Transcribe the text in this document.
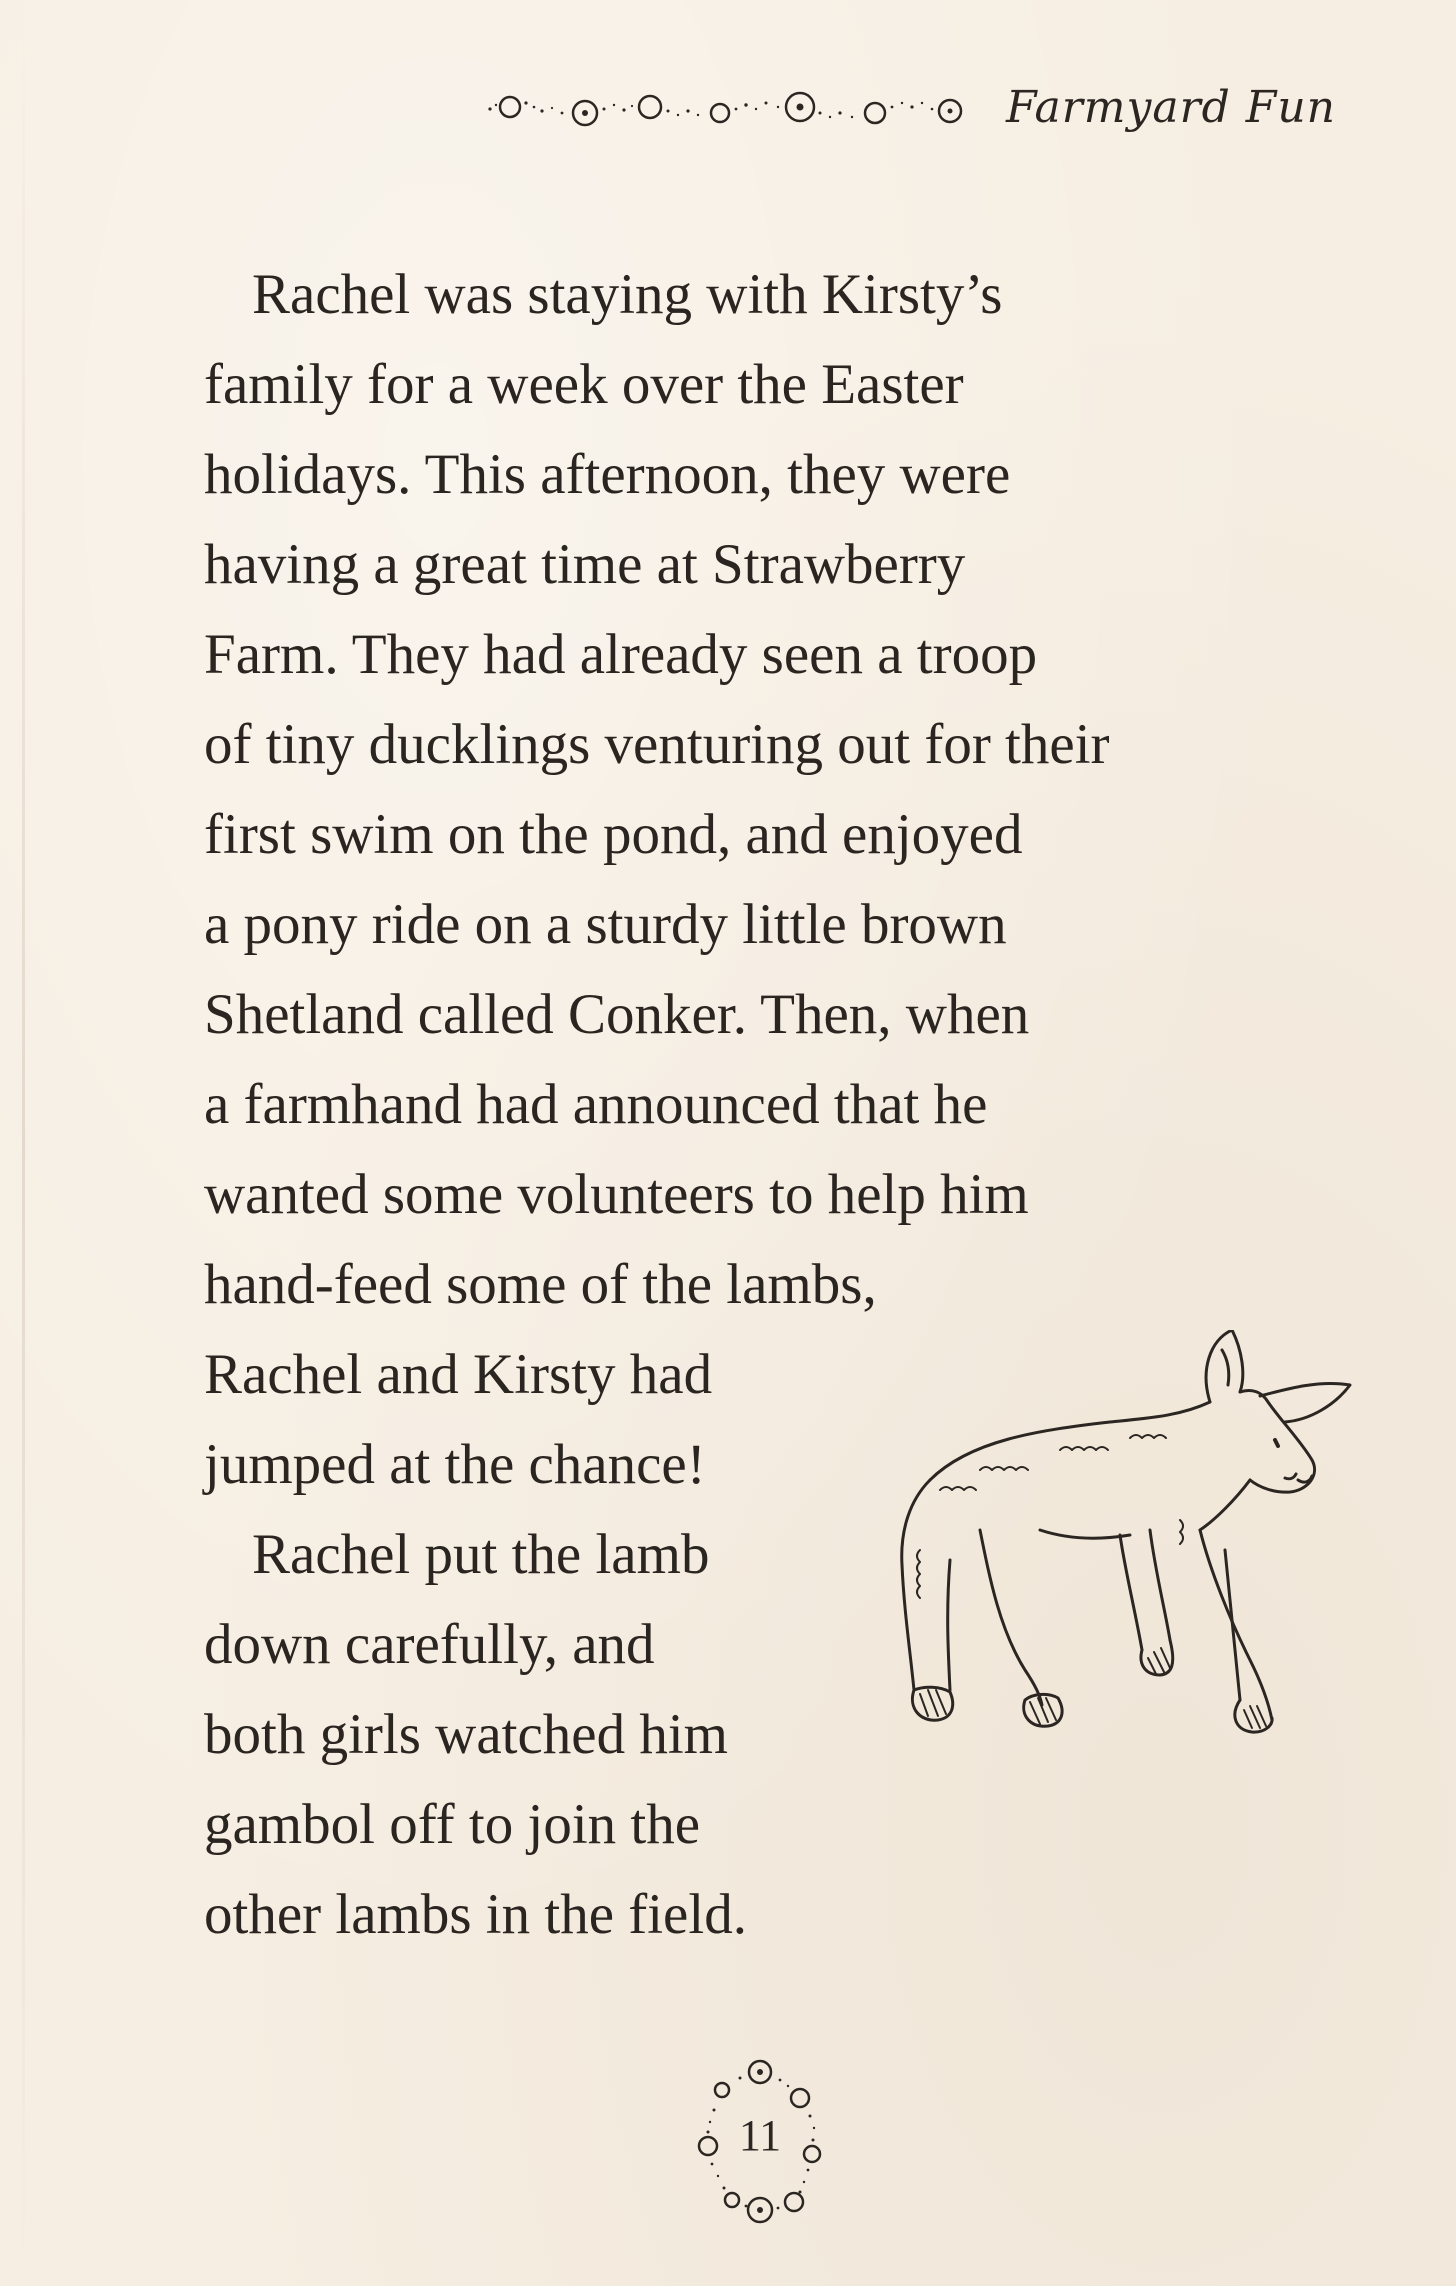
Farmyard Fun
Rachel was staying with Kirsty’s
family for a week over the Easter
holidays. This afternoon, they were
having a great time at Strawberry
Farm. They had already seen a troop
of tiny ducklings venturing out for their
first swim on the pond, and enjoyed
a pony ride on a sturdy little brown
Shetland called Conker. Then, when
a farmhand had announced that he
wanted some volunteers to help him
hand-feed some of the lambs,
Rachel and Kirsty had
jumped at the chance!
Rachel put the lamb
down carefully, and
both girls watched him
gambol off to join the
other lambs in the field.
11
